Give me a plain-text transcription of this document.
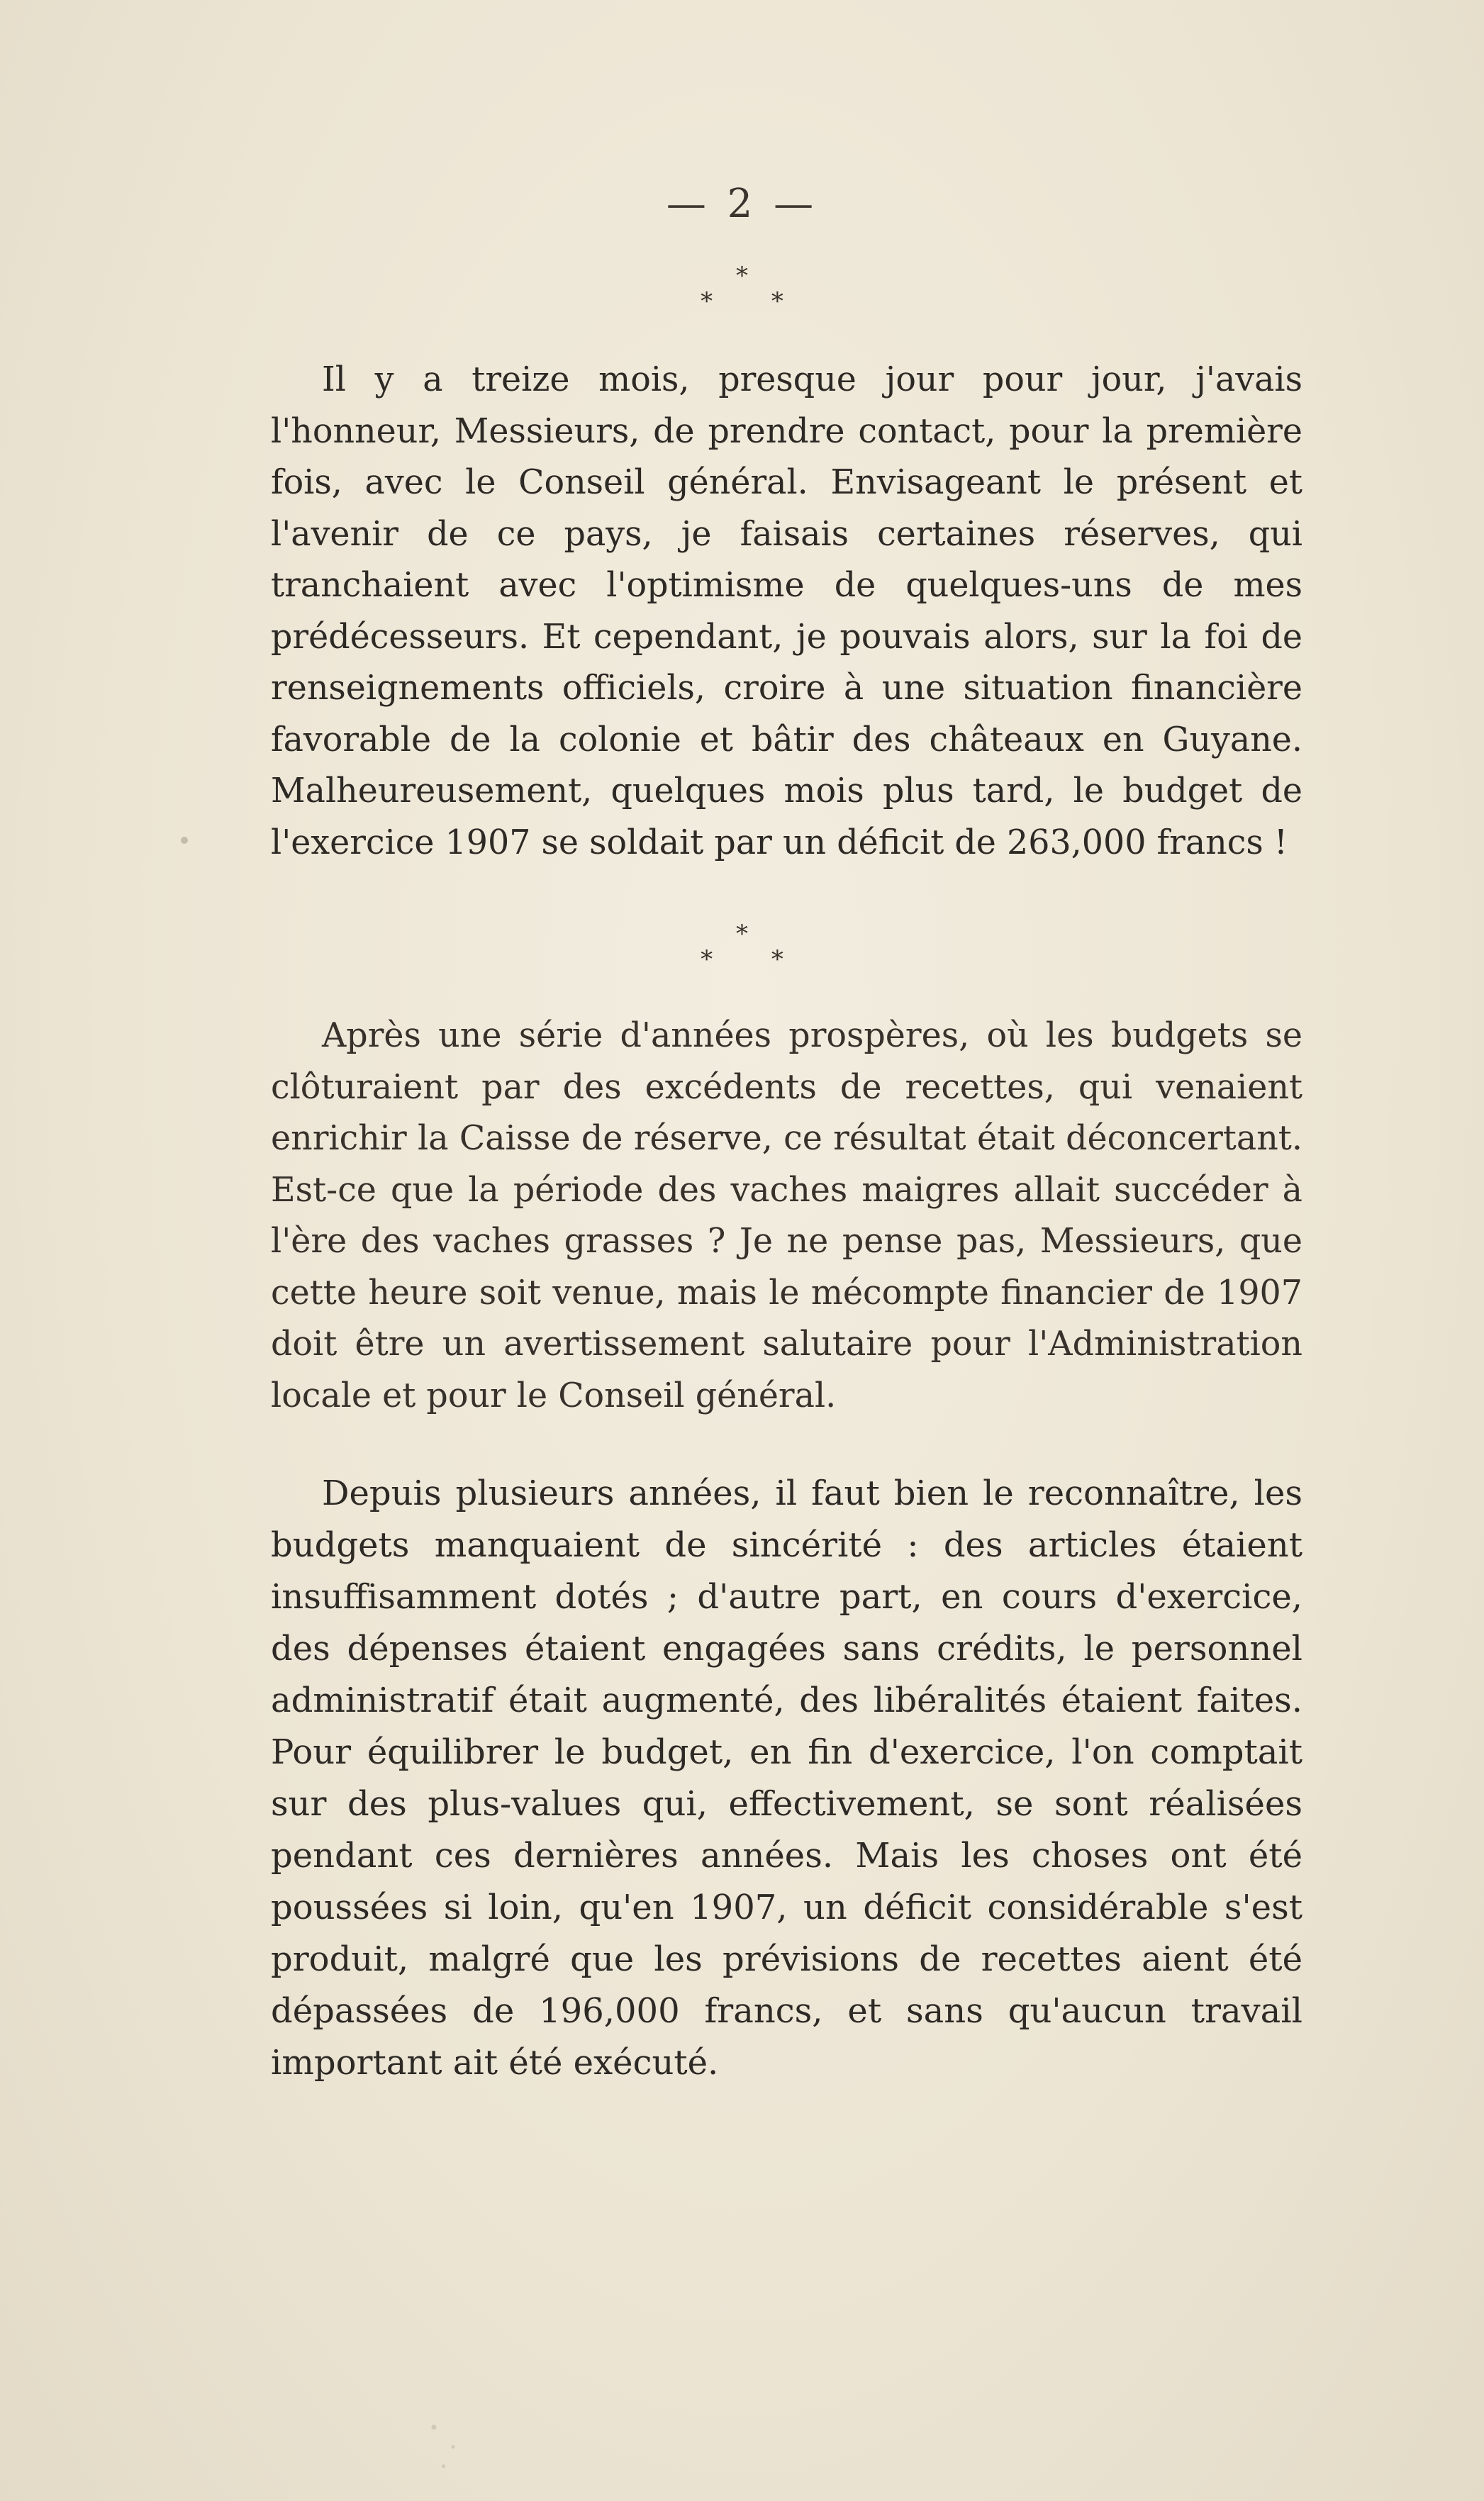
— 2 —
*
* *

Il y a treize mois, presque jour pour jour, j'avais l'honneur, Messieurs, de prendre contact, pour la première fois, avec le Conseil général. Envisageant le présent et l'avenir de ce pays, je faisais certaines réserves, qui tranchaient avec l'optimisme de quelques-uns de mes prédécesseurs. Et cependant, je pouvais alors, sur la foi de renseignements officiels, croire à une situation financière favorable de la colonie et bâtir des châteaux en Guyane. Malheureusement, quelques mois plus tard, le budget de l'exercice 1907 se soldait par un déficit de 263,000 francs !

*
* *

Après une série d'années prospères, où les budgets se clôturaient par des excédents de recettes, qui venaient enrichir la Caisse de réserve, ce résultat était déconcertant. Est-ce que la période des vaches maigres allait succéder à l'ère des vaches grasses ? Je ne pense pas, Messieurs, que cette heure soit venue, mais le mécompte financier de 1907 doit être un avertissement salutaire pour l'Administration locale et pour le Conseil général.

Depuis plusieurs années, il faut bien le reconnaître, les budgets manquaient de sincérité : des articles étaient insuffisamment dotés ; d'autre part, en cours d'exercice, des dépenses étaient engagées sans crédits, le personnel administratif était augmenté, des libéralités étaient faites. Pour équilibrer le budget, en fin d'exercice, l'on comptait sur des plus-values qui, effectivement, se sont réalisées pendant ces dernières années. Mais les choses ont été poussées si loin, qu'en 1907, un déficit considérable s'est produit, malgré que les prévisions de recettes aient été dépassées de 196,000 francs, et sans qu'aucun travail important ait été exécuté.
